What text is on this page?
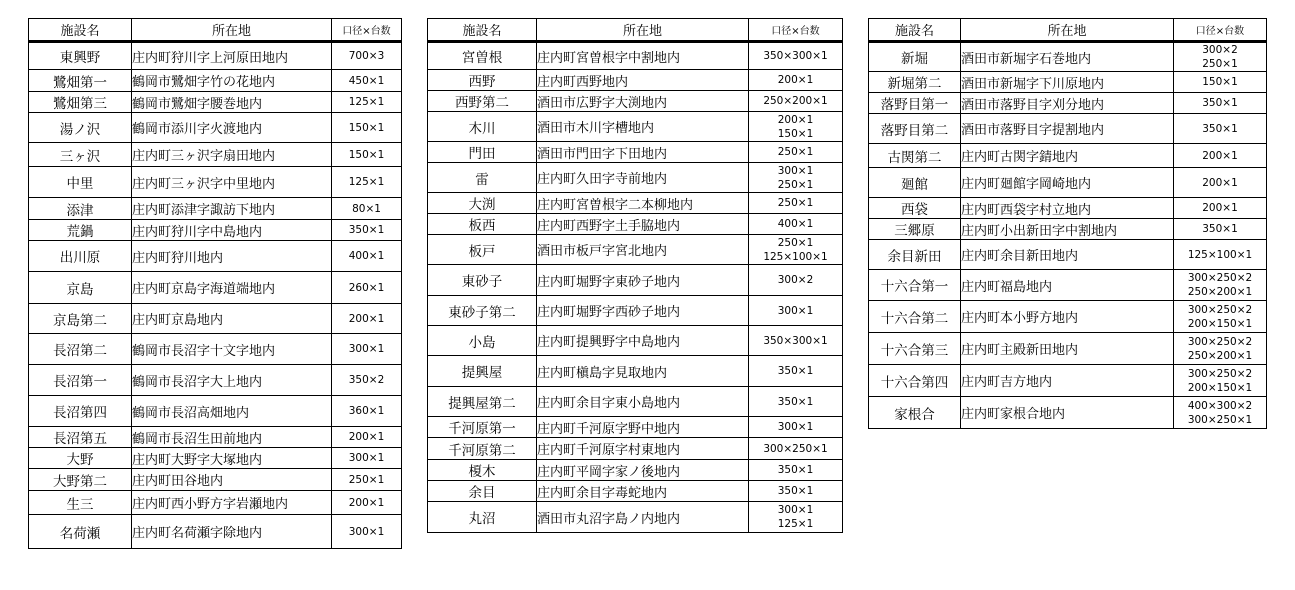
施設名	所在地	口径×台数
東興野	庄内町狩川字上河原田地内	700×3

鷺畑第一	鶴岡市鷺畑字竹の花地内	450×1

鷺畑第三	鶴岡市鷺畑字腰巻地内	125×1

湯ノ沢	鶴岡市添川字火渡地内	150×1

三ヶ沢	庄内町三ヶ沢字扇田地内	150×1

中里	庄内町三ヶ沢字中里地内	125×1

添津	庄内町添津字諏訪下地内	80×1

荒鍋	庄内町狩川字中島地内	350×1

出川原	庄内町狩川地内	400×1

京島	庄内町京島字海道端地内	260×1

京島第二	庄内町京島地内	200×1

長沼第二	鶴岡市長沼字十文字地内	300×1

長沼第一	鶴岡市長沼字大上地内	350×2

長沼第四	鶴岡市長沼高畑地内	360×1

長沼第五	鶴岡市長沼生田前地内	200×1

大野	庄内町大野字大塚地内	300×1

大野第二	庄内町田谷地内	250×1

生三	庄内町西小野方字岩瀬地内	200×1

名荷瀬	庄内町名荷瀬字除地内	300×1
施設名	所在地	口径×台数
宮曽根	庄内町宮曽根字中割地内	350×300×1

西野	庄内町西野地内	200×1

西野第二	酒田市広野字大渕地内	250×200×1

木川	酒田市木川字槽地内	200×1
150×1

門田	酒田市門田字下田地内	250×1

雷	庄内町久田字寺前地内	300×1
250×1

大渕	庄内町宮曽根字二本柳地内	250×1

板西	庄内町西野字土手脇地内	400×1

板戸	酒田市板戸字宮北地内	250×1
125×100×1

東砂子	庄内町堀野字東砂子地内	300×2

東砂子第二	庄内町堀野字西砂子地内	300×1

小島	庄内町提興野字中島地内	350×300×1

提興屋	庄内町槇島字見取地内	350×1

提興屋第二	庄内町余目字東小島地内	350×1

千河原第一	庄内町千河原字野中地内	300×1

千河原第二	庄内町千河原字村東地内	300×250×1

榎木	庄内町平岡字家ノ後地内	350×1

余目	庄内町余目字毒蛇地内	350×1

丸沼	酒田市丸沼字島ノ内地内	300×1
125×1
施設名	所在地	口径×台数
新堀	酒田市新堀字石巻地内	300×2
250×1

新堀第二	酒田市新堀字下川原地内	150×1

落野目第一	酒田市落野目字刈分地内	350×1

落野目第二	酒田市落野目字提割地内	350×1

古関第二	庄内町古関字錆地内	200×1

廻館	庄内町廻館字岡崎地内	200×1

西袋	庄内町西袋字村立地内	200×1

三郷原	庄内町小出新田字中割地内	350×1

余目新田	庄内町余目新田地内	125×100×1

十六合第一	庄内町福島地内	300×250×2
250×200×1

十六合第二	庄内町本小野方地内	300×250×2
200×150×1

十六合第三	庄内町主殿新田地内	300×250×2
250×200×1

十六合第四	庄内町吉方地内	300×250×2
200×150×1

家根合	庄内町家根合地内	400×300×2
300×250×1
